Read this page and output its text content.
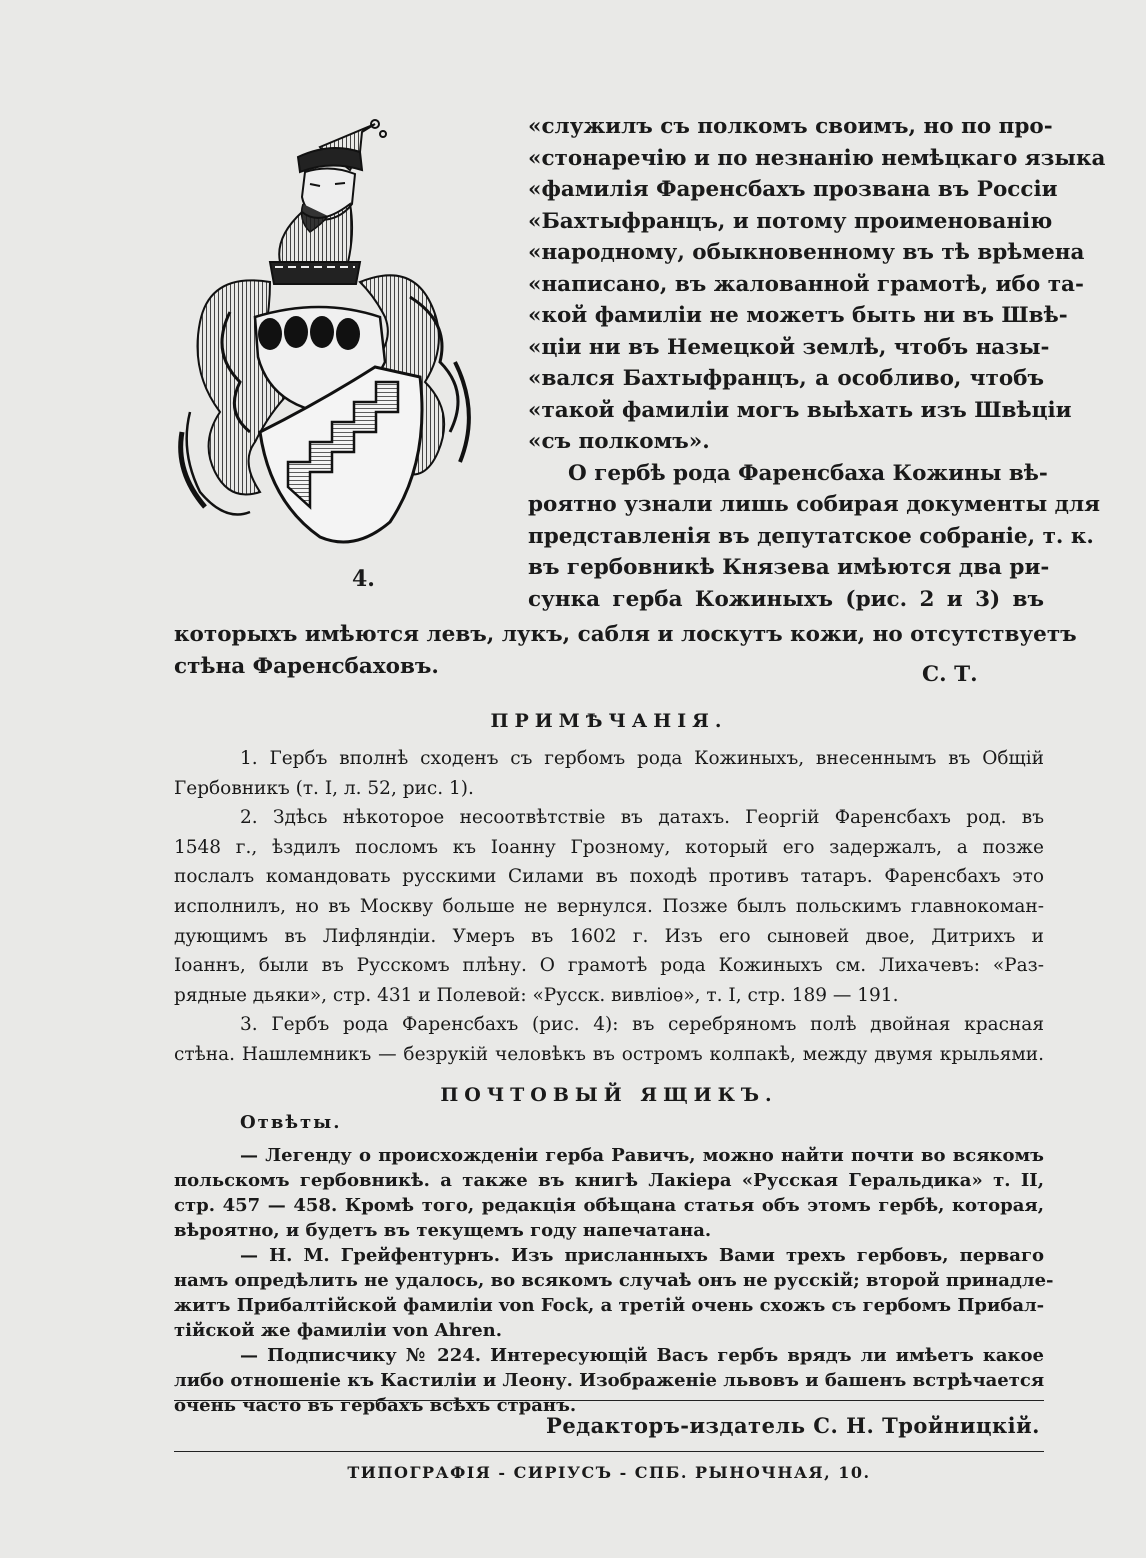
4.
«служилъ съ полкомъ своимъ, но по про-
«стонаречію и по незнанію немѣцкаго языка
«фамилія Фаренсбахъ прозвана въ Россіи
«Бахтыфранцъ, и потому проименованію
«народному, обыкновенному въ тѣ врѣмена
«написано, въ жалованной грамотѣ, ибо та-
«кой фамиліи не можетъ быть ни въ Швѣ-
«ціи ни въ Немецкой землѣ, чтобъ назы-
«вался Бахтыфранцъ, а особливо, чтобъ
«такой фамиліи могъ выѣхать изъ Швѣціи
«съ полкомъ».
О гербѣ рода Фаренсбаха Кожины вѣ-
роятно узнали лишь собирая документы для
представленія въ депутатское собраніе, т. к.
въ гербовникѣ Князева имѣются два ри-
сунка герба Кожиныхъ (рис. 2 и 3) въ
которыхъ имѣются левъ, лукъ, сабля и лоскутъ кожи, но отсутствуетъ
стѣна Фаренсбаховъ.	С. Т.
ПРИМѢЧАНІЯ.
1. Гербъ вполнѣ сходенъ съ гербомъ рода Кожиныхъ, внесеннымъ въ Общій
Гербовникъ (т. I, л. 52, рис. 1).
2. Здѣсь нѣкоторое несоотвѣтствіе въ датахъ. Георгій Фаренсбахъ род. въ
1548 г., ѣздилъ посломъ къ Іоанну Грозному, который его задержалъ, а позже
послалъ командовать русскими Силами въ походѣ противъ татаръ. Фаренсбахъ это
исполнилъ, но въ Москву больше не вернулся. Позже былъ польскимъ главнокоман-
дующимъ въ Лифляндіи. Умеръ въ 1602 г. Изъ его сыновей двое, Дитрихъ и
Іоаннъ, были въ Русскомъ плѣну. О грамотѣ рода Кожиныхъ см. Лихачевъ: «Раз-
рядные дьяки», стр. 431 и Полевой: «Русск. вивліоѳ», т. I, стр. 189 — 191.
3. Гербъ рода Фаренсбахъ (рис. 4): въ серебряномъ полѣ двойная красная
стѣна. Нашлемникъ — безрукій человѣкъ въ остромъ колпакѣ, между двумя крыльями.
ПОЧТОВЫЙ ЯЩИКЪ.
Отвѣты.
— Легенду о происхожденіи герба Равичъ, можно найти почти во всякомъ
польскомъ гербовникѣ. а также въ книгѣ Лакіера «Русская Геральдика» т. II,
стр. 457 — 458. Кромѣ того, редакція обѣщана статья объ этомъ гербѣ, которая,
вѣроятно, и будетъ въ текущемъ году напечатана.
— Н. М. Грейфентурнъ. Изъ присланныхъ Вами трехъ гербовъ, перваго
намъ опредѣлить не удалось, во всякомъ случаѣ онъ не русскій; второй принадле-
житъ Прибалтійской фамиліи von Fock, а третій очень схожъ съ гербомъ Прибал-
тійской же фамиліи von Ahren.
— Подписчику № 224. Интересующій Васъ гербъ врядъ ли имѣетъ какое
либо отношеніе къ Кастиліи и Леону. Изображеніе львовъ и башенъ встрѣчается
очень часто въ гербахъ всѣхъ странъ.
Редакторъ-издатель С. Н. Тройницкій.
ТИПОГРАФІЯ - СИРІУСЪ - СПБ. РЫНОЧНАЯ, 10.
